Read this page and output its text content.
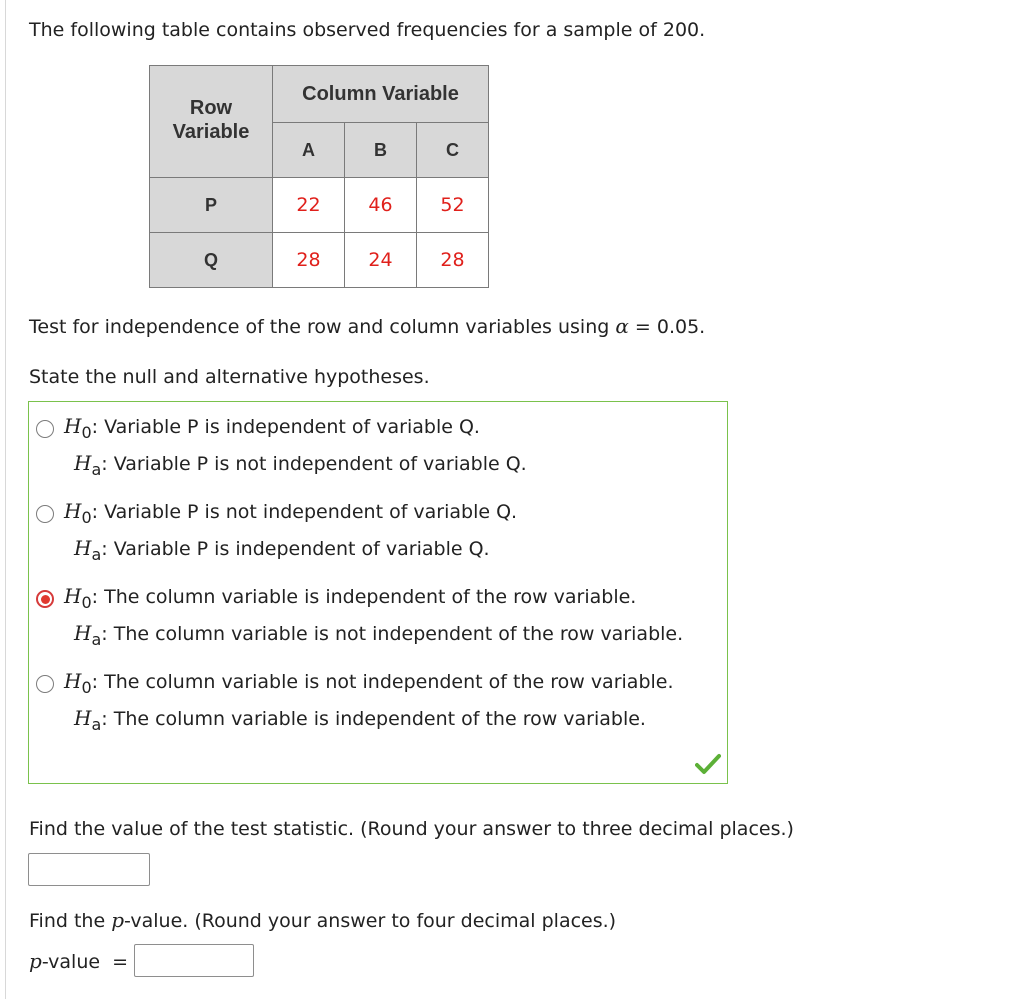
The following table contains observed frequencies for a sample of 200.
Row
Variable	Column Variable		
	A	B	C
P	22	46	52
Q	28	24	28
Test for independence of the row and column variables using α = 0.05.
State the null and alternative hypotheses.
$H_0$: Variable P is independent of variable Q.
$H_a$: Variable P is not independent of variable Q.
$H_0$: Variable P is not independent of variable Q.
$H_a$: Variable P is independent of variable Q.
$H_0$: The column variable is independent of the row variable.
$H_a$: The column variable is not independent of the row variable.
$H_0$: The column variable is not independent of the row variable.
$H_a$: The column variable is independent of the row variable.
Find the value of the test statistic. (Round your answer to three decimal places.)
Find the p-value. (Round your answer to four decimal places.)
p-value  =
